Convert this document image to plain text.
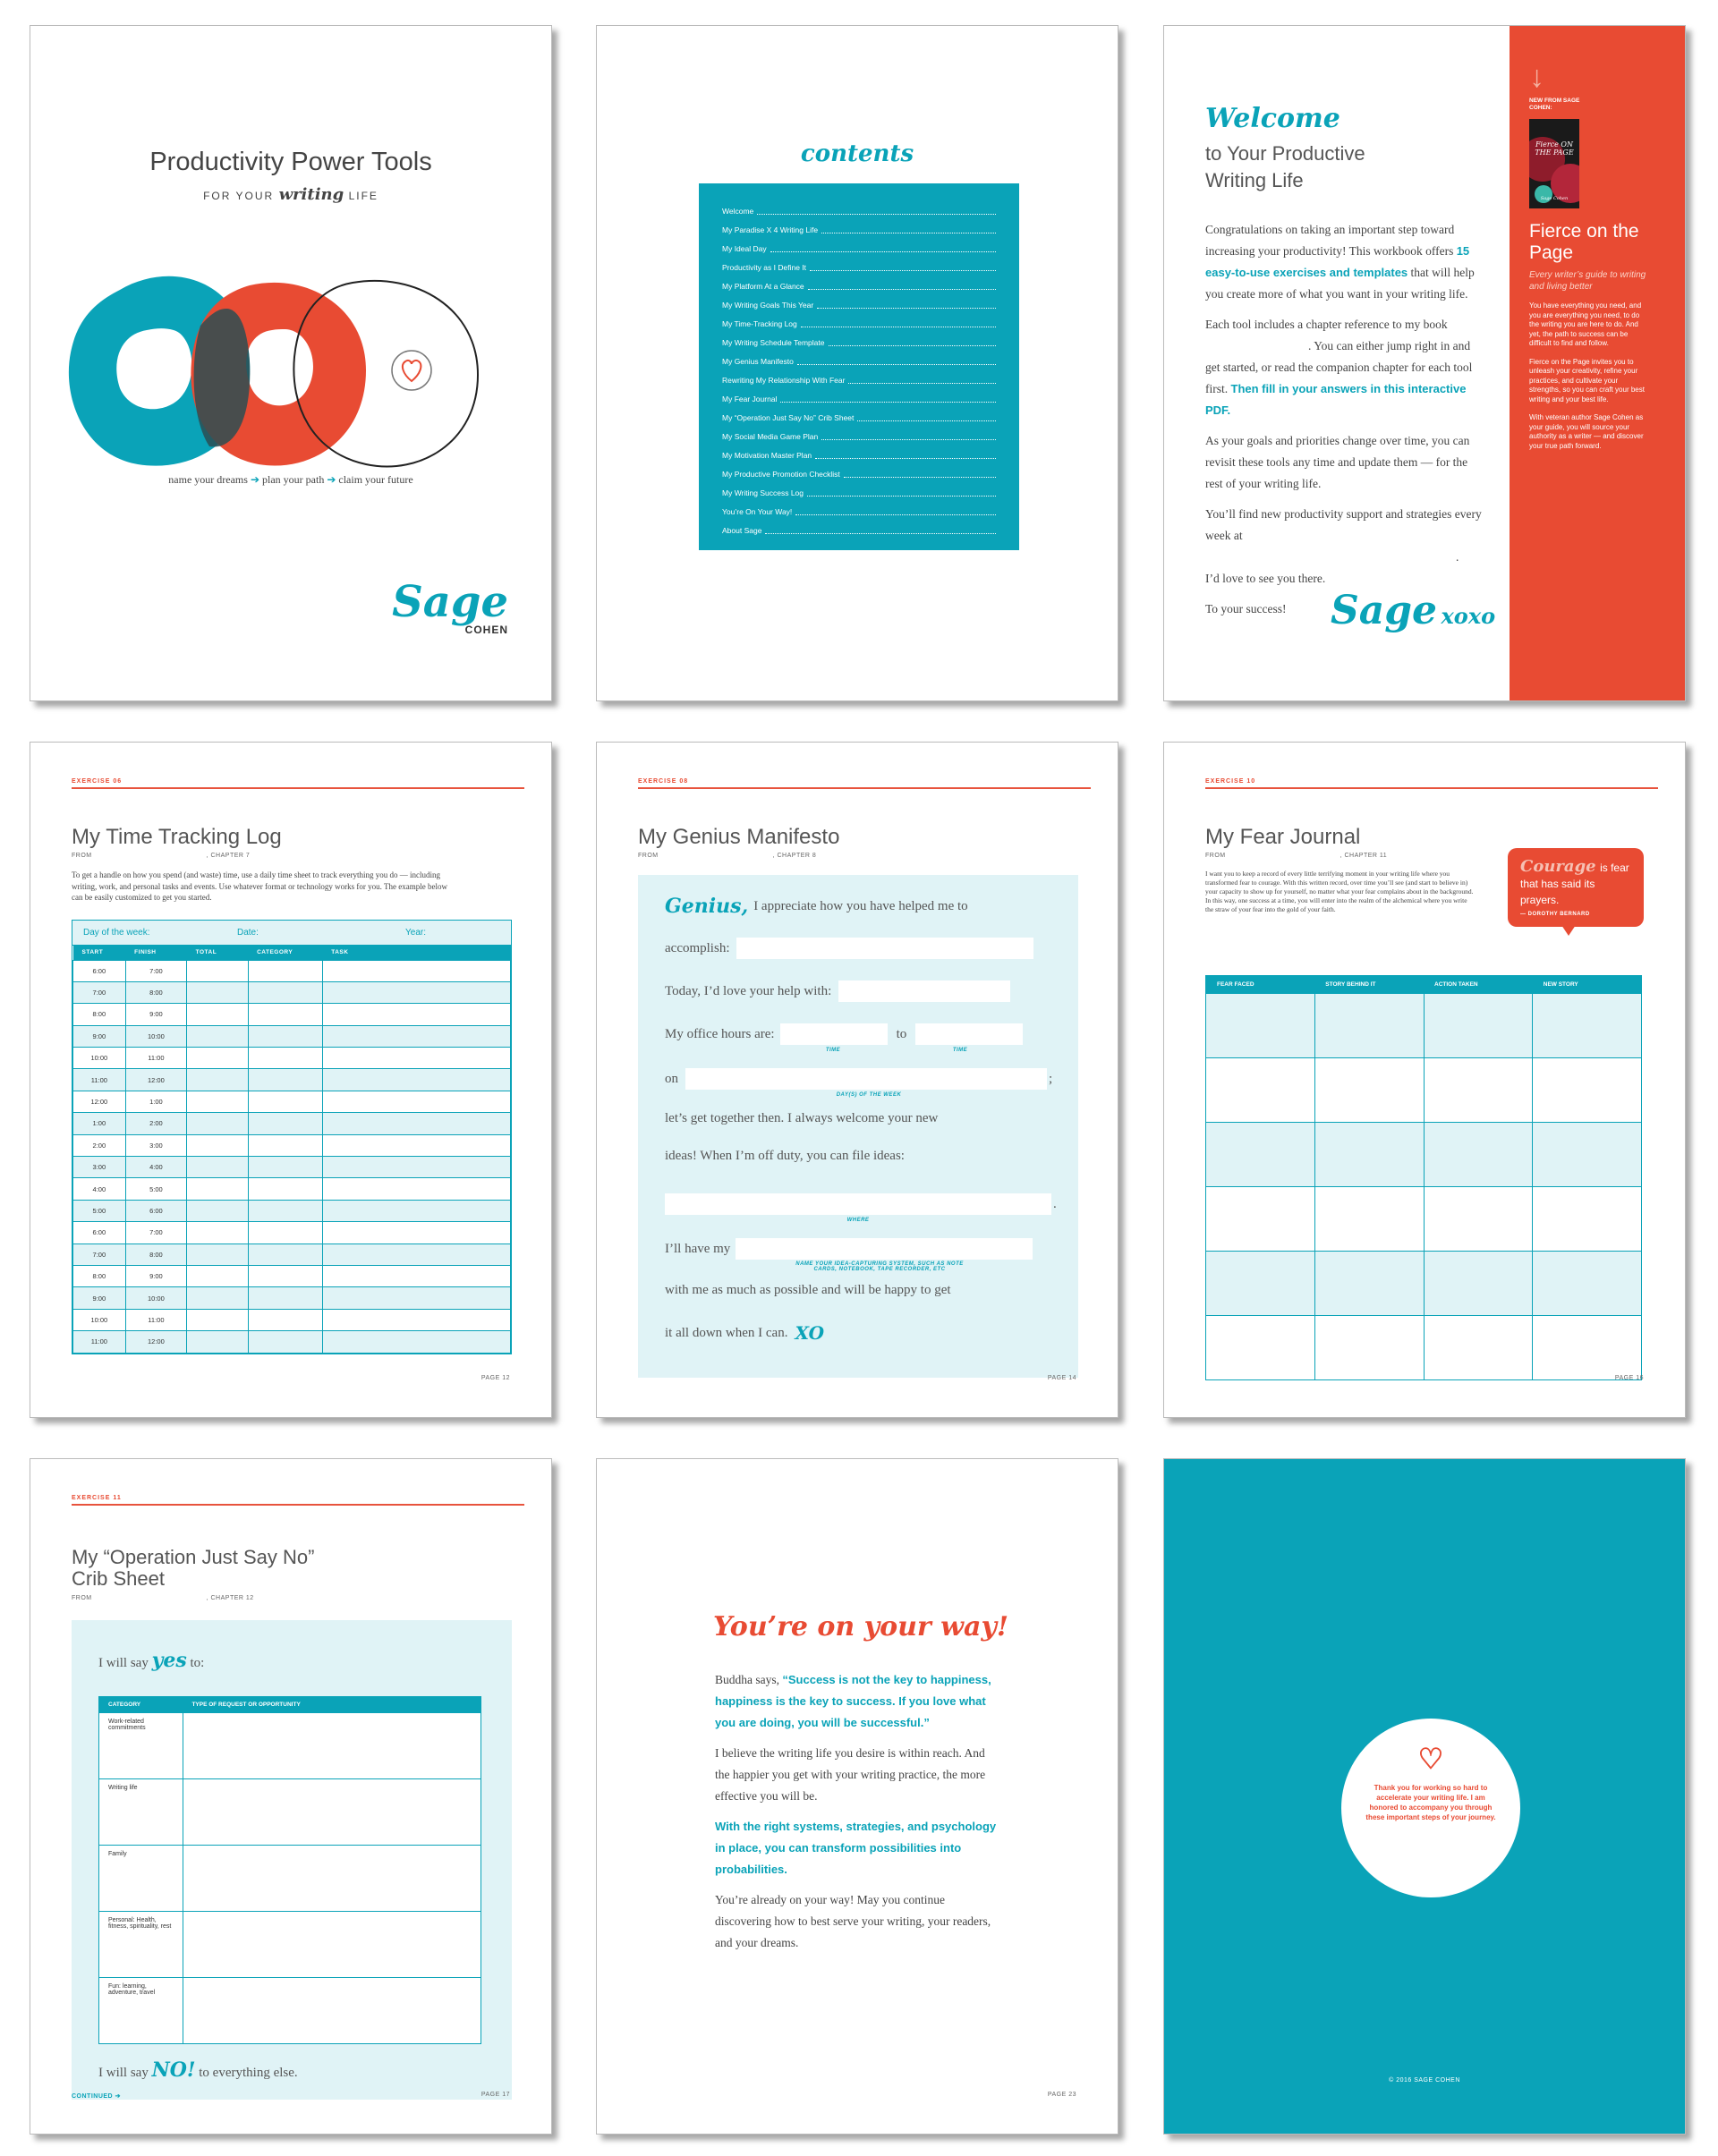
Productivity Power Tools
FOR YOUR writing LIFE
name your dreams ➔ plan your path ➔ claim your future
Sage
COHEN
contents
Welcome
My Paradise X 4 Writing Life
My Ideal Day
Productivity as I Define It
My Platform At a Glance
My Writing Goals This Year
My Time-Tracking Log
My Writing Schedule Template
My Genius Manifesto
Rewriting My Relationship With Fear
My Fear Journal
My “Operation Just Say No” Crib Sheet
My Social Media Game Plan
My Motivation Master Plan
My Productive Promotion Checklist
My Writing Success Log
You’re On Your Way!
About Sage
Welcome
to Your Productive
Writing Life

Congratulations on taking an important step toward increasing your productivity! This workbook offers 15 easy-to-use exercises and templates that will help you create more of what you want in your writing life.

Each tool includes a chapter reference to my book . You can either jump right in and get started, or read the companion chapter for each tool first. Then fill in your answers in this interactive PDF.

As your goals and priorities change over time, you can revisit these tools any time and update them — for the rest of your writing life.

You’ll find new productivity support and strategies every week at

.

I’d love to see you there.

To your success!	Sage xoxo
↓
NEW FROM SAGE COHEN:
Fierce ON THE PAGE
Sage Cohen
Fierce on the Page
Every writer’s guide to writing and living better
You have everything you need, and you are everything you need, to do the writing you are here to do. And yet, the path to success can be difficult to find and follow.
Fierce on the Page invites you to unleash your creativity, refine your practices, and cultivate your strengths, so you can craft your best writing and your best life.
With veteran author Sage Cohen as your guide, you will source your authority as a writer — and discover your true path forward.
EXERCISE 06
My Time Tracking Log
FROM	, CHAPTER 7
To get a handle on how you spend (and waste) time, use a daily time sheet to track everything you do — including writing, work, and personal tasks and events. Use whatever format or technology works for you. The example below can be easily customized to get you started.
Day of the week:	Date:	Year:
START	FINISH	TOTAL	CATEGORY	TASK
6:00	7:00			
7:00	8:00			
8:00	9:00			
9:00	10:00			
10:00	11:00			
11:00	12:00			
12:00	1:00			
1:00	2:00			
2:00	3:00			
3:00	4:00			
4:00	5:00			
5:00	6:00			
6:00	7:00			
7:00	8:00			
8:00	9:00			
9:00	10:00			
10:00	11:00			
11:00	12:00			
PAGE 12
EXERCISE 08
My Genius Manifesto
FROM	, CHAPTER 8
Genius, I appreciate how you have helped me to
accomplish:
Today, I’d love your help with:
My office hours are:	to
TIME	TIME
on	;
DAY(S) OF THE WEEK
let’s get together then. I always welcome your new
ideas! When I’m off duty, you can file ideas:
.
WHERE
I’ll have my
NAME YOUR IDEA-CAPTURING SYSTEM, SUCH AS NOTE CARDS, NOTEBOOK, TAPE RECORDER, ETC
with me as much as possible and will be happy to get
it all down when I can. XO
PAGE 14
EXERCISE 10
My Fear Journal
FROM	, CHAPTER 11
I want you to keep a record of every little terrifying moment in your writing life where you transformed fear to courage. With this written record, over time you’ll see (and start to believe in) your capacity to show up for yourself, no matter what your fear complains about in the background. In this way, one success at a time, you will enter into the realm of the alchemical where you write the straw of your fear into the gold of your faith.
Courage is fear that has said its prayers.
— DOROTHY BERNARD
FEAR FACED	STORY BEHIND IT	ACTION TAKEN	NEW STORY

PAGE 16
EXERCISE 11
My “Operation Just Say No”
Crib Sheet
FROM	, CHAPTER 12
I will say yes to:
CATEGORY	TYPE OF REQUEST OR OPPORTUNITY
Work-related commitments	
Writing life	
Family	
Personal: Health, fitness, spirituality, rest	
Fun: learning, adventure, travel	
I will say NO! to everything else.
CONTINUED ➔	PAGE 17
You’re on your way!

Buddha says, “Success is not the key to happiness, happiness is the key to success. If you love what you are doing, you will be successful.”

I believe the writing life you desire is within reach. And the happier you get with your writing practice, the more effective you will be.

With the right systems, strategies, and psychology in place, you can transform possibilities into probabilities.

You’re already on your way! May you continue discovering how to best serve your writing, your readers, and your dreams.

PAGE 23
♡
Thank you for working so hard to accelerate your writing life. I am honored to accompany you through these important steps of your journey.
© 2016 SAGE COHEN
